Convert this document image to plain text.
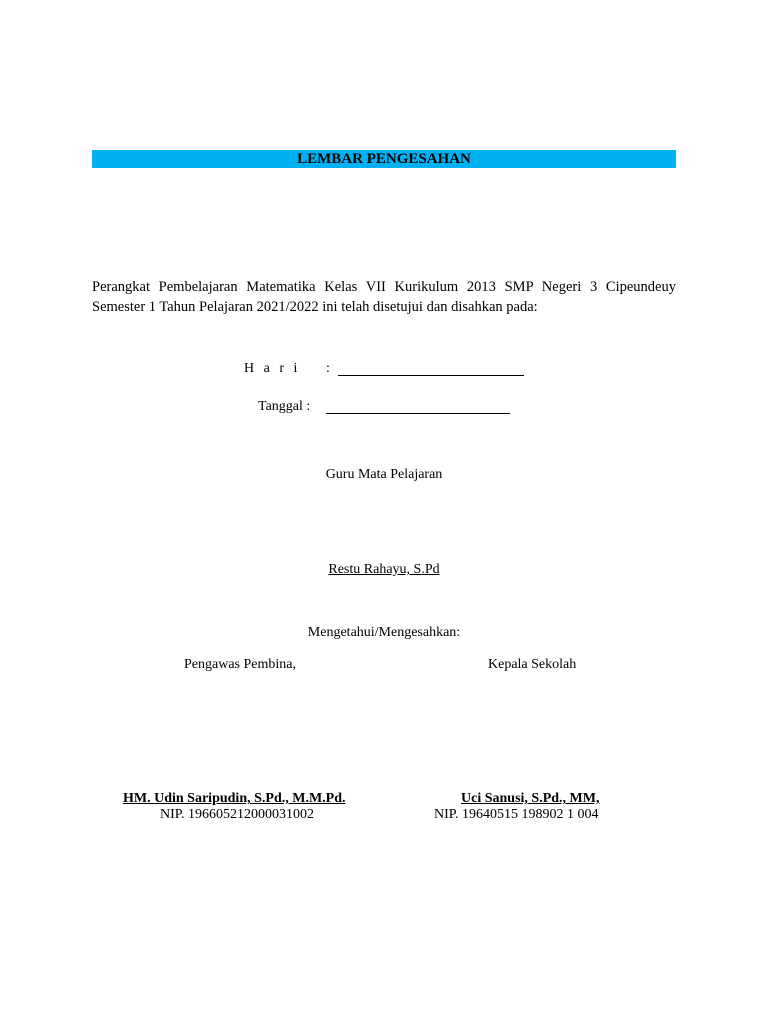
LEMBAR PENGESAHAN
Perangkat Pembelajaran Matematika Kelas VII Kurikulum 2013 SMP Negeri 3 Cipeundeuy
Semester 1 Tahun Pelajaran 2021/2022 ini telah disetujui dan disahkan pada:
H a r i :
Tanggal :
Guru Mata Pelajaran
Restu Rahayu, S.Pd
Mengetahui/Mengesahkan:
Pengawas Pembina,	Kepala Sekolah
HM. Udin Saripudin, S.Pd., M.M.Pd.	Uci Sanusi, S.Pd., MM,
NIP. 196605212000031002	NIP. 19640515 198902 1 004
